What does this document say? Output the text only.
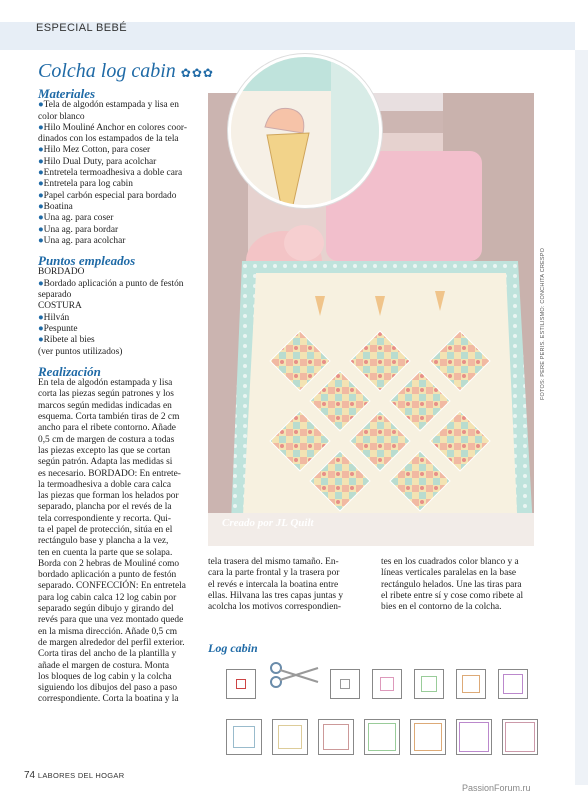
ESPECIAL BEBÉ
Colcha log cabin ✿✿✿
Materiales
●Tela de algodón estampada y lisa en
color blanco
●Hilo Mouliné Anchor en colores coor-
dinados con los estampados de la tela
●Hilo Mez Cotton, para coser
●Hilo Dual Duty, para acolchar
●Entretela termoadhesiva a doble cara
●Entretela para log cabin
●Papel carbón especial para bordado
●Boatina
●Una ag. para coser
●Una ag. para bordar
●Una ag. para acolchar
Puntos empleados
BORDADO
●Bordado aplicación a punto de festón
separado
COSTURA
●Hilván
●Pespunte
●Ribete al bies
(ver puntos utilizados)
Realización
En tela de algodón estampada y lisa
corta las piezas según patrones y los
marcos según medidas indicadas en
esquema. Corta también tiras de 2 cm
ancho para el ribete contorno. Añade
0,5 cm de margen de costura a todas
las piezas excepto las que se cortan
según patrón. Adapta las medidas si
es necesario. BORDADO: En entrete-
la termoadhesiva a doble cara calca
las piezas que forman los helados por
separado, plancha por el revés de la
tela correspondiente y recorta. Qui-
ta el papel de protección, sitúa en el
rectángulo base y plancha a la vez,
ten en cuenta la parte que se solapa.
Borda con 2 hebras de Mouliné como
bordado aplicación a punto de festón
separado. CONFECCIÓN: En entretela
para log cabin calca 12 log cabin por
separado según dibujo y girando del
revés para que una vez montado quede
en la misma dirección. Añade 0,5 cm
de margen alrededor del perfil exterior.
Corta tiras del ancho de la plantilla y
añade el margen de costura. Monta
los bloques de log cabin y la colcha
siguiendo los dibujos del paso a paso
correspondiente. Corta la boatina y la
Creado por JL Quilt
FOTOS: PERE PERIS. ESTILISMO: CONCHITA CRESPO
tela trasera del mismo tamaño. En-
cara la parte frontal y la trasera por
el revés e intercala la boatina entre
ellas. Hilvana las tres capas juntas y
acolcha los motivos correspondien-
tes en los cuadrados color blanco y a
líneas verticales paralelas en la base
rectángulo helados. Une las tiras para
el ribete entre sí y cose como ribete al
bies en el contorno de la colcha.
Log cabin
74 LABORES DEL HOGAR
PassionForum.ru
